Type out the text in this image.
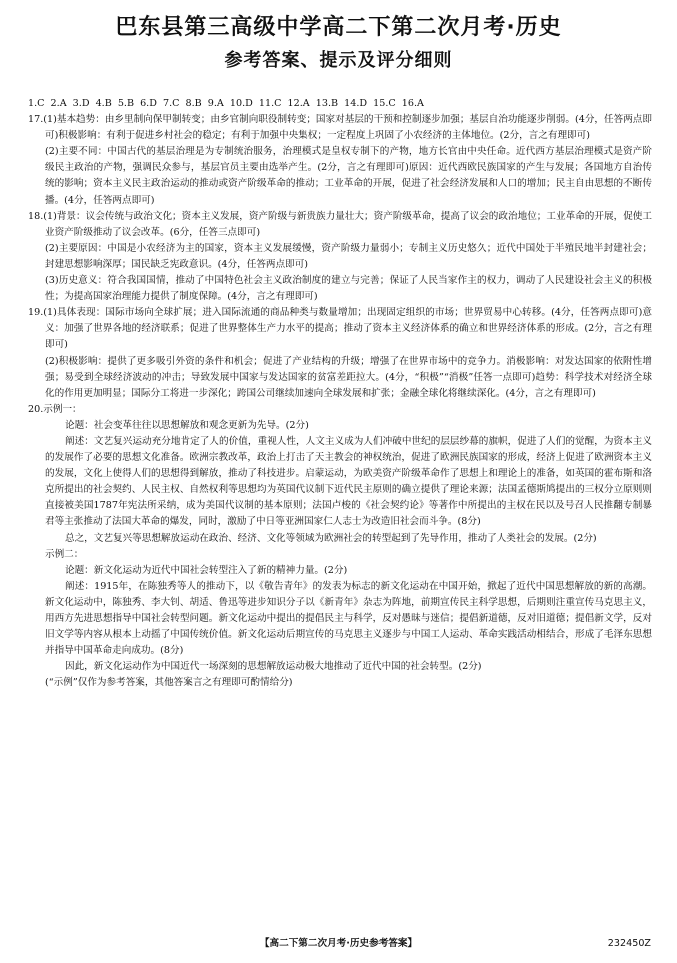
巴东县第三高级中学高二下第二次月考·历史
参考答案、提示及评分细则

1.C 2.A 3.D 4.B 5.B 6.D 7.C 8.B 9.A 10.D 11.C 12.A 13.B 14.D 15.C 16.A

17.(1)基本趋势：由乡里制向保甲制转变；由乡官制向职役制转变；国家对基层的干预和控制逐步加强；基层自治功能逐步削弱。(4分，任答两点即可)积极影响：有利于促进乡村社会的稳定；有利于加强中央集权；一定程度上巩固了小农经济的主体地位。(2分，言之有理即可)

(2)主要不同：中国古代的基层治理是为专制统治服务，治理模式是皇权专制下的产物，地方长官由中央任命。近代西方基层治理模式是资产阶级民主政治的产物，强调民众参与，基层官员主要由选举产生。(2分，言之有理即可)原因：近代西欧民族国家的产生与发展；各国地方自治传统的影响；资本主义民主政治运动的推动或资产阶级革命的推动；工业革命的开展，促进了社会经济发展和人口的增加；民主自由思想的不断传播。(4分，任答两点即可)

18.(1)背景：议会传统与政治文化；资本主义发展，资产阶级与新贵族力量壮大；资产阶级革命，提高了议会的政治地位；工业革命的开展，促使工业资产阶级推动了议会改革。(6分，任答三点即可)

(2)主要原因：中国是小农经济为主的国家，资本主义发展缓慢，资产阶级力量弱小；专制主义历史悠久；近代中国处于半殖民地半封建社会；封建思想影响深厚；国民缺乏宪政意识。(4分，任答两点即可)

(3)历史意义：符合我国国情，推动了中国特色社会主义政治制度的建立与完善；保证了人民当家作主的权力，调动了人民建设社会主义的积极性；为提高国家治理能力提供了制度保障。(4分，言之有理即可)

19.(1)具体表现：国际市场向全球扩展；进入国际流通的商品种类与数量增加；出现固定组织的市场；世界贸易中心转移。(4分，任答两点即可)意义：加强了世界各地的经济联系；促进了世界整体生产力水平的提高；推动了资本主义经济体系的确立和世界经济体系的形成。(2分，言之有理即可)

(2)积极影响：提供了更多吸引外资的条件和机会；促进了产业结构的升级；增强了在世界市场中的竞争力。消极影响：对发达国家的依附性增强；易受到全球经济波动的冲击；导致发展中国家与发达国家的贫富差距拉大。(4分，“积极”“消极”任答一点即可)趋势：科学技术对经济全球化的作用更加明显；国际分工将进一步深化；跨国公司继续加速向全球发展和扩张；金融全球化将继续深化。(4分，言之有理即可)

20.示例一：

论题：社会变革往往以思想解放和观念更新为先导。(2分)

阐述：文艺复兴运动充分地肯定了人的价值，重视人性，人文主义成为人们冲破中世纪的层层纱幕的旗帜，促进了人们的觉醒，为资本主义的发展作了必要的思想文化准备。欧洲宗教改革，政治上打击了天主教会的神权统治，促进了欧洲民族国家的形成，经济上促进了欧洲资本主义的发展，文化上使得人们的思想得到解放，推动了科技进步。启蒙运动，为欧美资产阶级革命作了思想上和理论上的准备，如英国的霍布斯和洛克所提出的社会契约、人民主权、自然权利等思想均为英国代议制下近代民主原则的确立提供了理论来源；法国孟德斯鸠提出的三权分立原则则直接被美国1787年宪法所采纳，成为美国代议制的基本原则；法国卢梭的《社会契约论》等著作中所提出的主权在民以及号召人民推翻专制暴君等主张推动了法国大革命的爆发，同时，激励了中日等亚洲国家仁人志士为改造旧社会而斗争。(8分)

总之，文艺复兴等思想解放运动在政治、经济、文化等领域为欧洲社会的转型起到了先导作用，推动了人类社会的发展。(2分)

示例二：

论题：新文化运动为近代中国社会转型注入了新的精神力量。(2分)

阐述：1915年，在陈独秀等人的推动下，以《敬告青年》的发表为标志的新文化运动在中国开始，掀起了近代中国思想解放的新的高潮。新文化运动中，陈独秀、李大钊、胡适、鲁迅等进步知识分子以《新青年》杂志为阵地，前期宣传民主科学思想，后期则注重宣传马克思主义，用西方先进思想指导中国社会转型问题。新文化运动中提出的提倡民主与科学，反对愚昧与迷信；提倡新道德，反对旧道德；提倡新文学，反对旧文学等内容从根本上动摇了中国传统价值。新文化运动后期宣传的马克思主义逐步与中国工人运动、革命实践活动相结合，形成了毛泽东思想并指导中国革命走向成功。(8分)

因此，新文化运动作为中国近代一场深刻的思想解放运动极大地推动了近代中国的社会转型。(2分)

(“示例”仅作为参考答案，其他答案言之有理即可酌情给分)

【高二下第二次月考·历史参考答案】	232450Z
